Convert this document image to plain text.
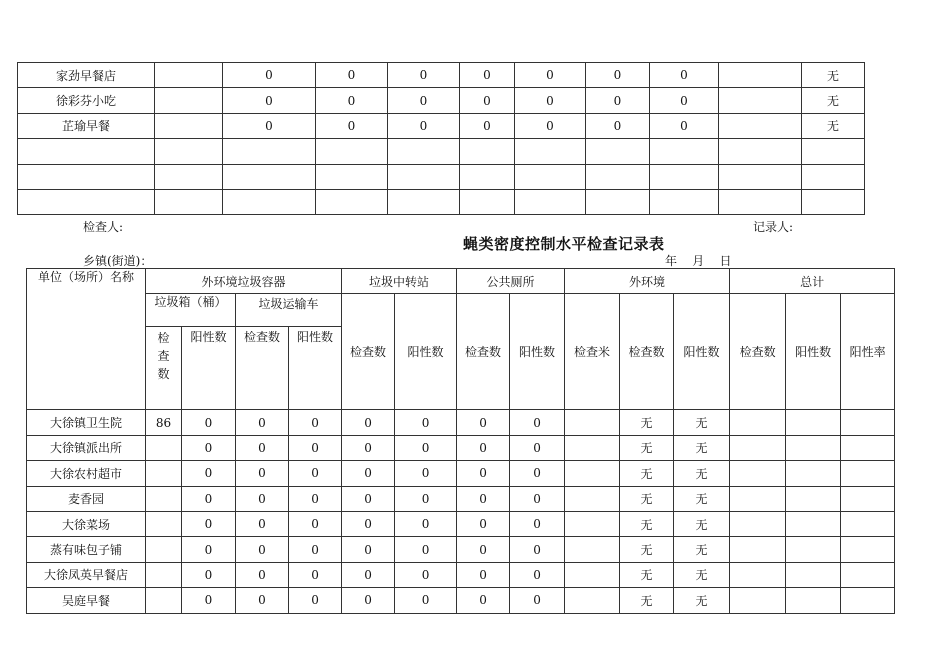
家劲早餐店		0	0	0	0	0	0	0		无
徐彩芬小吃		0	0	0	0	0	0	0		无
芷瑜早餐		0	0	0	0	0	0	0		无

检查人:	记录人:
蝇类密度控制水平检查记录表
乡镇(街道)：	年    月    日
单位（场所）名称	外环境垃圾容器				垃圾中转站		公共厕所		外环境			总计		
	垃圾箱（桶）		垃圾运输车		检查数	阳性数	检查数	阳性数	检查米	检查数	阳性数	检查数	阳性数	阳性率
	检查数	阳性数	检查数	阳性数										
大徐镇卫生院	86	0	0	0	0	0	0	0		无	无			
大徐镇派出所		0	0	0	0	0	0	0		无	无			
大徐农村超市		0	0	0	0	0	0	0		无	无			
麦香园		0	0	0	0	0	0	0		无	无			
大徐菜场		0	0	0	0	0	0	0		无	无			
蒸有味包子铺		0	0	0	0	0	0	0		无	无			
大徐凤英早餐店		0	0	0	0	0	0	0		无	无			
吴庭早餐		0	0	0	0	0	0	0		无	无			
